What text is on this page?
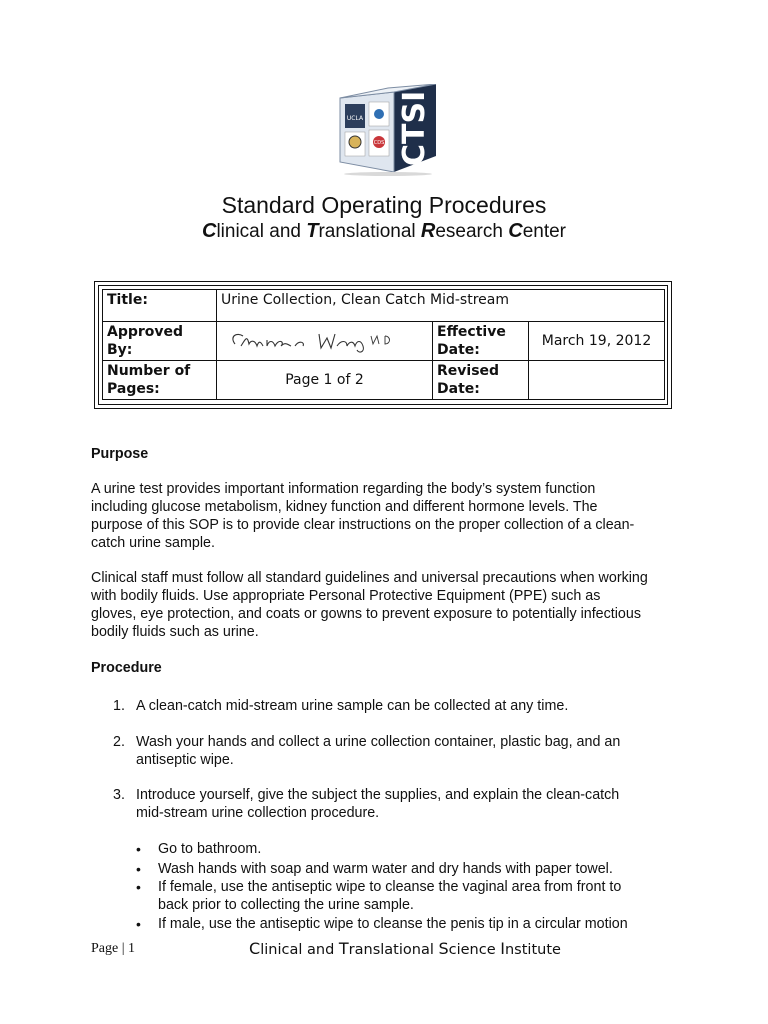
UCLA
CDS CTSI
Standard Operating Procedures
Clinical and Translational Research Center
Title:	Urine Collection, Clean Catch Mid-stream		
Approved By:		Effective Date:	March 19, 2012
Number of Pages:	Page 1 of 2	Revised Date:	
Purpose
A urine test provides important information regarding the body’s system function
including glucose metabolism, kidney function and different hormone levels. The
purpose of this SOP is to provide clear instructions on the proper collection of a clean-
catch urine sample.
Clinical staff must follow all standard guidelines and universal precautions when working
with bodily fluids. Use appropriate Personal Protective Equipment (PPE) such as
gloves, eye protection, and coats or gowns to prevent exposure to potentially infectious
bodily fluids such as urine.
Procedure
1. A clean-catch mid-stream urine sample can be collected at any time.
2. Wash your hands and collect a urine collection container, plastic bag, and an
antiseptic wipe.
3. Introduce yourself, give the subject the supplies, and explain the clean-catch
mid-stream urine collection procedure.
• Go to bathroom.
• Wash hands with soap and warm water and dry hands with paper towel.
• If female, use the antiseptic wipe to cleanse the vaginal area from front to
back prior to collecting the urine sample.
• If male, use the antiseptic wipe to cleanse the penis tip in a circular motion
Page | 1	Clinical and Translational Science Institute
